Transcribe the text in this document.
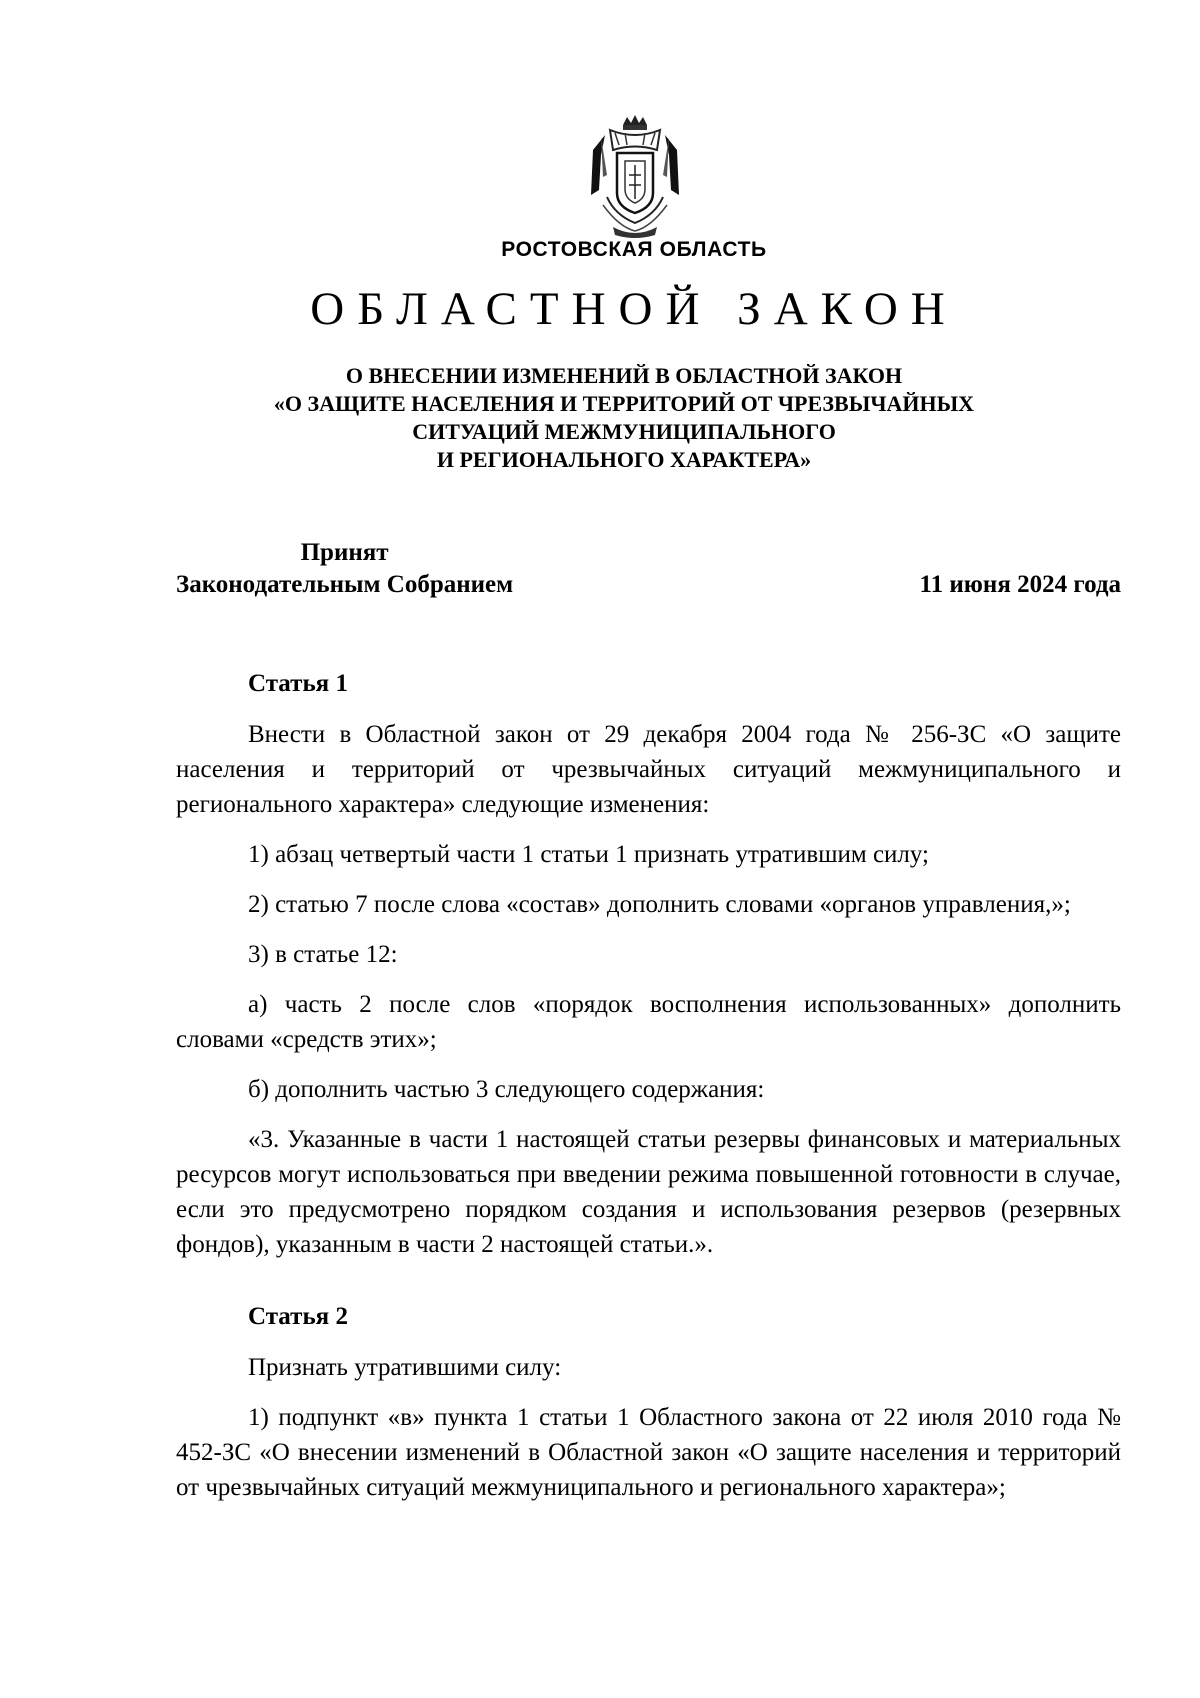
РОСТОВСКАЯ ОБЛАСТЬ
ОБЛАСТНОЙ ЗАКОН
О ВНЕСЕНИИ ИЗМЕНЕНИЙ В ОБЛАСТНОЙ ЗАКОН
«О ЗАЩИТЕ НАСЕЛЕНИЯ И ТЕРРИТОРИЙ ОТ ЧРЕЗВЫЧАЙНЫХ
СИТУАЦИЙ МЕЖМУНИЦИПАЛЬНОГО
И РЕГИОНАЛЬНОГО ХАРАКТЕРА»
Принят
Законодательным Собранием	11 июня 2024 года
Статья 1
Внести в Областной закон от 29 декабря 2004 года № 256-ЗС «О защите населения и территорий от чрезвычайных ситуаций межмуниципального и регионального характера» следующие изменения:
1) абзац четвертый части 1 статьи 1 признать утратившим силу;
2) статью 7 после слова «состав» дополнить словами «органов управления,»;
3) в статье 12:
а) часть 2 после слов «порядок восполнения использованных» дополнить словами «средств этих»;
б) дополнить частью 3 следующего содержания:
«3. Указанные в части 1 настоящей статьи резервы финансовых и материальных ресурсов могут использоваться при введении режима повышенной готовности в случае, если это предусмотрено порядком создания и использования резервов (резервных фондов), указанным в части 2 настоящей статьи.».
Статья 2
Признать утратившими силу:
1) подпункт «в» пункта 1 статьи 1 Областного закона от 22 июля 2010 года № 452-ЗС «О внесении изменений в Областной закон «О защите населения и территорий от чрезвычайных ситуаций межмуниципального и регионального характера»;
